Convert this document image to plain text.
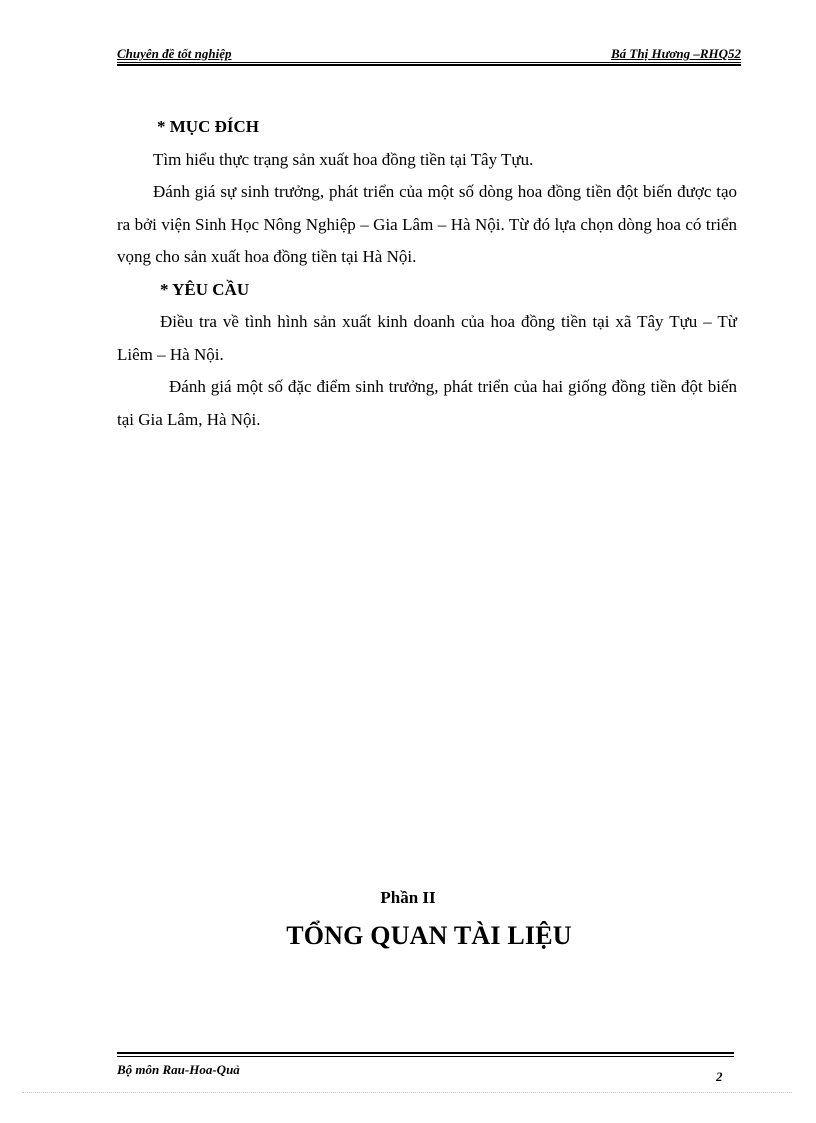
Chuyên đề tốt nghiệp	Bá Thị Hương –RHQ52

* MỤC ĐÍCH

Tìm hiểu thực trạng sản xuất hoa đồng tiền tại Tây Tựu.

Đánh giá sự sinh trưởng, phát triển của một số dòng hoa đồng tiền đột biến được tạo ra bởi viện Sinh Học Nông Nghiệp – Gia Lâm – Hà Nội. Từ đó lựa chọn dòng hoa có triển vọng cho sản xuất hoa đồng tiền tại Hà Nội.

* YÊU CẦU

Điều tra về tình hình sản xuất kinh doanh của hoa đồng tiền tại xã Tây Tựu – Từ Liêm – Hà Nội.

Đánh giá một số đặc điểm sinh trưởng, phát triển của hai giống đồng tiền đột biến tại Gia Lâm, Hà Nội.

Phần II
TỔNG QUAN TÀI LIỆU
Bộ môn Rau-Hoa-Quả	2
